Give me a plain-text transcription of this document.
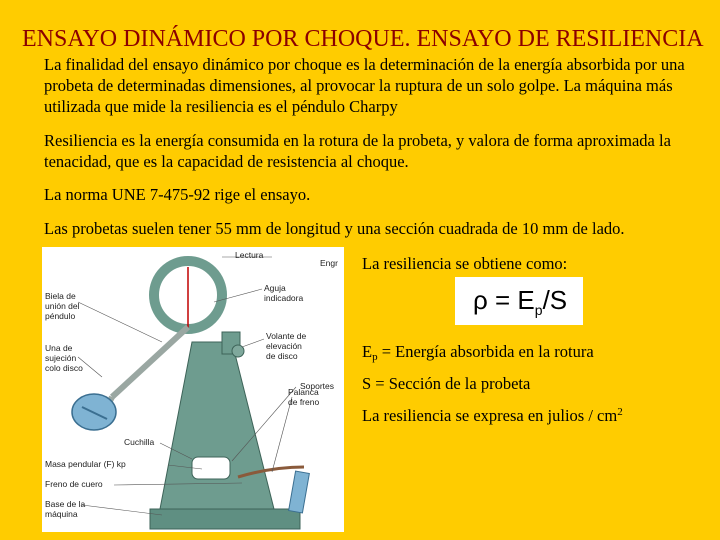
ENSAYO DINÁMICO POR CHOQUE. ENSAYO DE RESILIENCIA

La finalidad del ensayo dinámico por choque es la determinación de la energía absorbida por una probeta de determinadas dimensiones, al provocar la ruptura de un solo golpe. La máquina más utilizada que mide la resiliencia es el péndulo Charpy

Resiliencia es la energía consumida en la rotura de la probeta, y valora de forma aproximada la tenacidad, que es la capacidad de resistencia al choque.

La norma UNE 7-475-92 rige el ensayo.

Las probetas suelen tener 55 mm de longitud y una sección cuadrada de 10 mm de lado.

Lectura
Engr
Aguja
indicadora
Biela de
unión del
péndulo
Volante de
elevación
de disco
Una de
sujeción
colo disco
Soportes
Palanca
de freno
Cuchilla
Masa pendular (F) kp
Freno de cuero
Base de la
máquina
La resiliencia se obtiene como:
$\rho = E_p/S$
$E_p$ = Energía absorbida en la rotura
S = Sección de la probeta
La resiliencia se expresa en julios / $cm^2$
